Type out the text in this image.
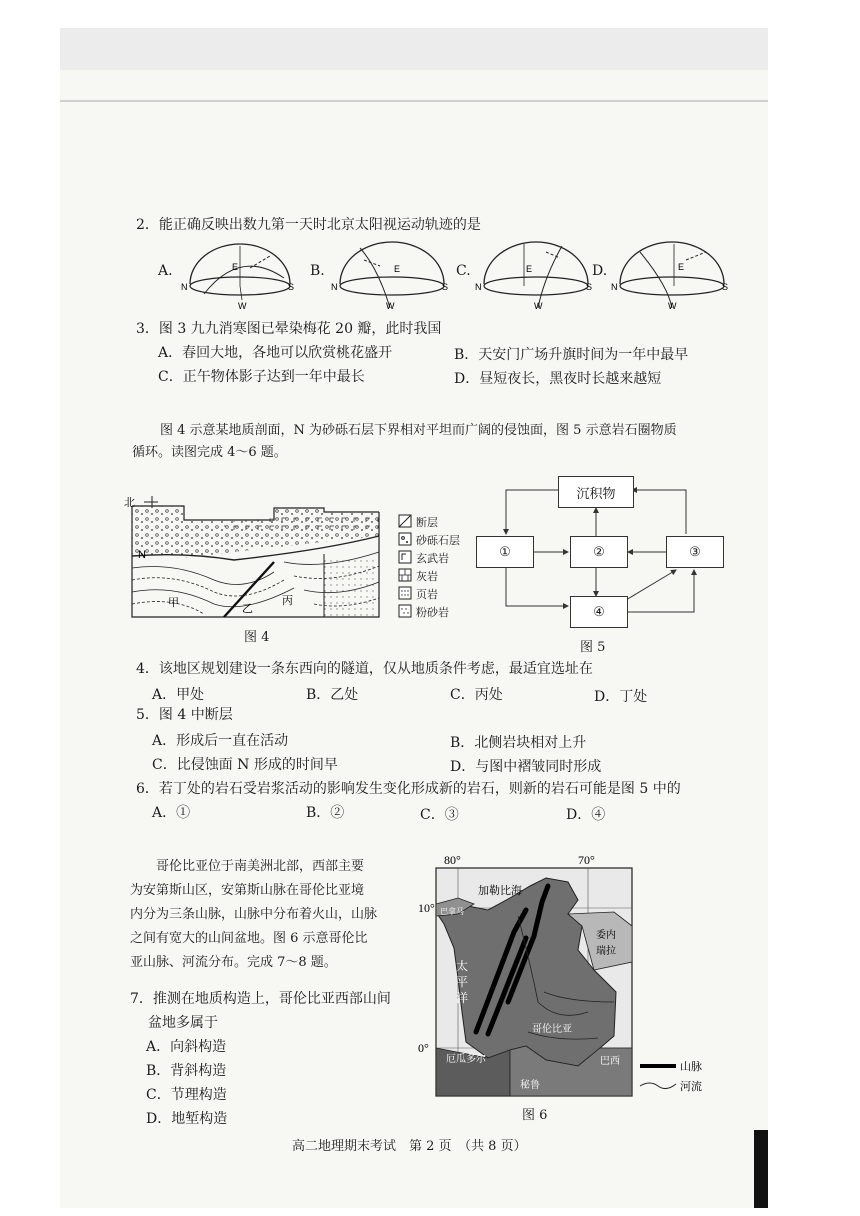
2．能正确反映出数九第一天时北京太阳视运动轨迹的是
A.	B.	C.	D.
N	S
E
W
N	S
E
W
N	S
E
W
N	S
E
W
3．图 3 九九消寒图已晕染梅花 20 瓣，此时我国
A．春回大地，各地可以欣赏桃花盛开	B．天安门广场升旗时间为一年中最早
C．正午物体影子达到一年中最长	D．昼短夜长，黑夜时长越来越短
图 4 示意某地质剖面，N 为砂砾石层下界相对平坦而广阔的侵蚀面，图 5 示意岩石圈物质
循环。读图完成 4～6 题。
北
N
甲	乙
丙
断层
砂砾石层
玄武岩
灰岩
页岩
粉砂岩
图 4
沉积物
①	②	③
④
图 5
4．该地区规划建设一条东西向的隧道，仅从地质条件考虑，最适宜选址在
A．甲处	B．乙处	C．丙处	D．丁处
5．图 4 中断层
A．形成后一直在活动	B．北侧岩块相对上升
C．比侵蚀面 N 形成的时间早	D．与图中褶皱同时形成
6．若丁处的岩石受岩浆活动的影响发生变化形成新的岩石，则新的岩石可能是图 5 中的
A．①	B．②	C．③	D．④
哥伦比亚位于南美洲北部，西部主要
为安第斯山区，安第斯山脉在哥伦比亚境
内分为三条山脉，山脉中分布着火山，山脉
之间有宽大的山间盆地。图 6 示意哥伦比
亚山脉、河流分布。完成 7～8 题。
7．推测在地质构造上，哥伦比亚西部山间
盆地多属于
A．向斜构造
B．背斜构造
C．节理构造
D．地堑构造
80°	70°
10°
0°
加勒比海
巴拿马
委内
瑞拉
太
平
洋
哥伦比亚
厄瓜多尔	巴西
秘鲁
山脉
河流
图 6
高二地理期末考试　第 2 页　（共 8 页）
